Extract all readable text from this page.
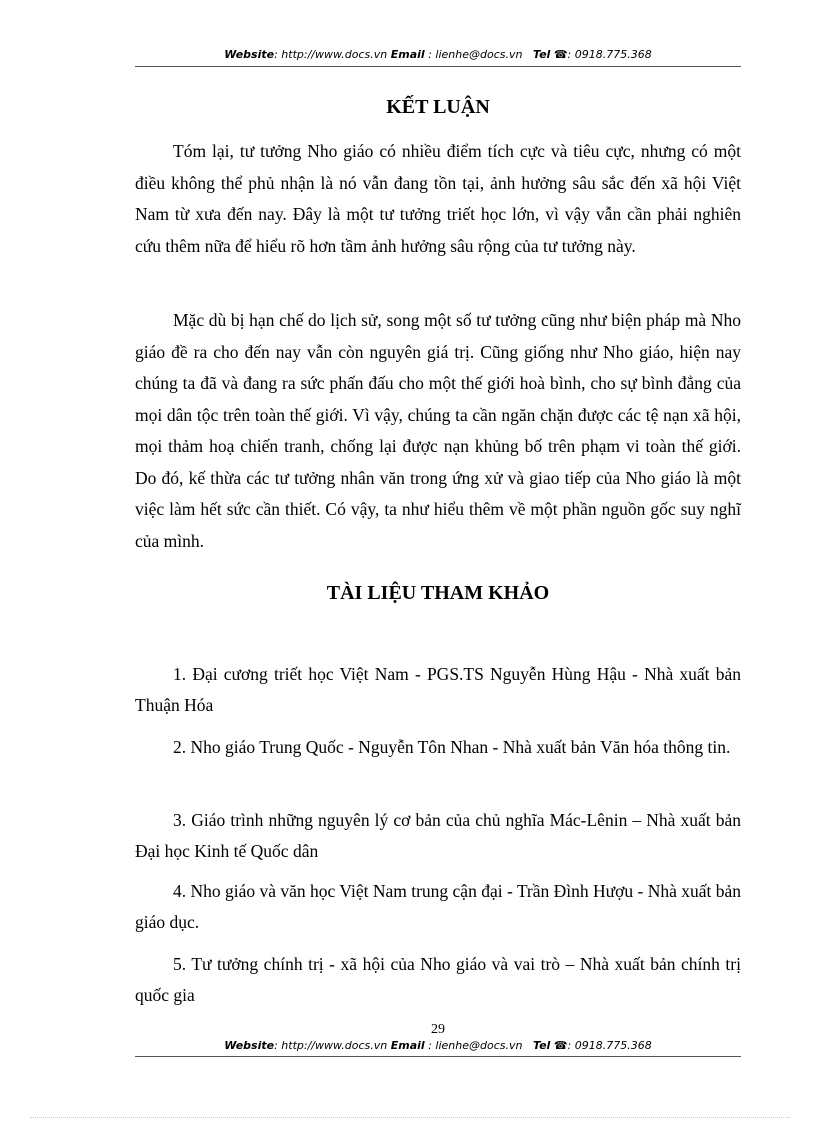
Website: http://www.docs.vn Email : lienhe@docs.vn Tel ☎: 0918.775.368
KẾT LUẬN
Tóm lại, tư tưởng Nho giáo có nhiều điểm tích cực và tiêu cực, nhưng có một điều không thể phủ nhận là nó vẫn đang tồn tại, ảnh hưởng sâu sắc đến xã hội Việt Nam từ xưa đến nay. Đây là một tư tưởng triết học lớn, vì vậy vẫn cần phải nghiên cứu thêm nữa để hiểu rõ hơn tầm ảnh hưởng sâu rộng của tư tưởng này.
Mặc dù bị hạn chế do lịch sử, song một số tư tưởng cũng như biện pháp mà Nho giáo đề ra cho đến nay vẫn còn nguyên giá trị. Cũng giống như Nho giáo, hiện nay chúng ta đã và đang ra sức phấn đấu cho một thế giới hoà bình, cho sự bình đẳng của mọi dân tộc trên toàn thế giới. Vì vậy, chúng ta cần ngăn chặn được các tệ nạn xã hội, mọi thảm hoạ chiến tranh, chống lại được nạn khủng bố trên phạm vi toàn thế giới. Do đó, kế thừa các tư tưởng nhân văn trong ứng xử và giao tiếp của Nho giáo là một việc làm hết sức cần thiết. Có vậy, ta như hiểu thêm về một phần nguồn gốc suy nghĩ của mình.
TÀI LIỆU THAM KHẢO
1. Đại cương triết học Việt Nam - PGS.TS Nguyễn Hùng Hậu - Nhà xuất bản Thuận Hóa
2. Nho giáo Trung Quốc - Nguyễn Tôn Nhan - Nhà xuất bản Văn hóa thông tin.
3. Giáo trình những nguyên lý cơ bản của chủ nghĩa Mác-Lênin – Nhà xuất bản Đại học Kinh tế Quốc dân
4. Nho giáo và văn học Việt Nam trung cận đại - Trần Đình Hượu - Nhà xuất bản giáo dục.
5. Tư tưởng chính trị - xã hội của Nho giáo và vai trò – Nhà xuất bản chính trị quốc gia
29
Website: http://www.docs.vn Email : lienhe@docs.vn Tel ☎: 0918.775.368
